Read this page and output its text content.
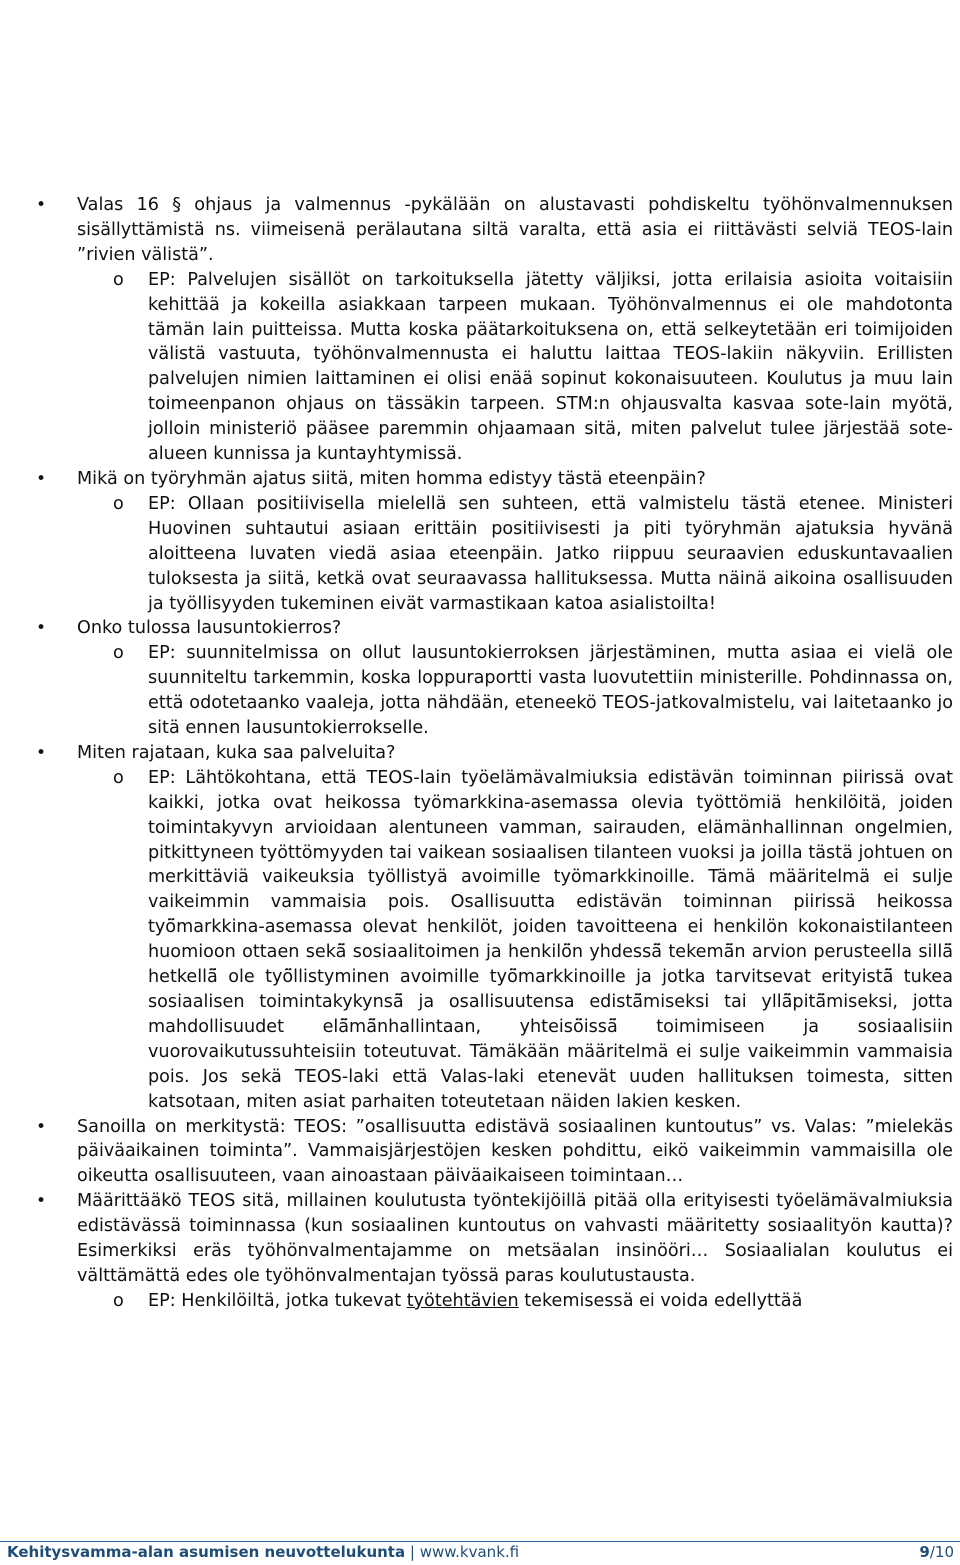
• Valas 16 § ohjaus ja valmennus -pykälään on alustavasti pohdiskeltu työhönvalmennuksen sisällyttämistä ns. viimeisenä perälautana siltä varalta, että asia ei riittävästi selviä TEOS-lain ”rivien välistä”.
o EP: Palvelujen sisällöt on tarkoituksella jätetty väljiksi, jotta erilaisia asioita voitaisiin kehittää ja kokeilla asiakkaan tarpeen mukaan. Työhönvalmennus ei ole mahdotonta tämän lain puitteissa. Mutta koska päätarkoituksena on, että selkeytetään eri toimijoiden välistä vastuuta, työhönvalmennusta ei haluttu laittaa TEOS-lakiin näkyviin. Erillisten palvelujen nimien laittaminen ei olisi enää sopinut kokonaisuuteen. Koulutus ja muu lain toimeenpanon ohjaus on tässäkin tarpeen. STM:n ohjausvalta kasvaa sote-lain myötä, jolloin ministeriö pääsee paremmin ohjaamaan sitä, miten palvelut tulee järjestää sote-alueen kunnissa ja kuntayhtymissä.
• Mikä on työryhmän ajatus siitä, miten homma edistyy tästä eteenpäin?
o EP: Ollaan positiivisella mielellä sen suhteen, että valmistelu tästä etenee. Ministeri Huovinen suhtautui asiaan erittäin positiivisesti ja piti työryhmän ajatuksia hyvänä aloitteena luvaten viedä asiaa eteenpäin. Jatko riippuu seuraavien eduskuntavaalien tuloksesta ja siitä, ketkä ovat seuraavassa hallituksessa. Mutta näinä aikoina osallisuuden ja työllisyyden tukeminen eivät varmastikaan katoa asialistoilta!
• Onko tulossa lausuntokierros?
o EP: suunnitelmissa on ollut lausuntokierroksen järjestäminen, mutta asiaa ei vielä ole suunniteltu tarkemmin, koska loppuraportti vasta luovutettiin ministerille. Pohdinnassa on, että odotetaanko vaaleja, jotta nähdään, eteneekö TEOS-jatkovalmistelu, vai laitetaanko jo sitä ennen lausuntokierrokselle.
• Miten rajataan, kuka saa palveluita?
o EP: Lähtökohtana, että TEOS-lain työelämävalmiuksia edistävän toiminnan piirissä ovat kaikki, jotka ovat heikossa työmarkkina-asemassa olevia työttömiä henkilöitä, joiden toimintakyvyn arvioidaan alentuneen vamman, sairauden, elämänhallinnan ongelmien, pitkittyneen työttömyyden tai vaikean sosiaalisen tilanteen vuoksi ja joilla tästä johtuen on merkittäviä vaikeuksia työllistyä avoimille työmarkkinoille. Tämä määritelmä ei sulje vaikeimmin vammaisia pois. Osallisuutta edistävän toiminnan piirissä heikossa työ̈markkina-asemassa olevat henkilöt, joiden tavoitteena ei henkilön kokonaistilanteen huomioon ottaen sekä̈ sosiaalitoimen ja henkilö̈n yhdessä̈ tekemä̈n arvion perusteella sillä̈ hetkellä̈ ole työ̈llistyminen avoimille työ̈markkinoille ja jotka tarvitsevat erityistä̈ tukea sosiaalisen toimintakykynsä̈ ja osallisuutensa edistä̈miseksi tai yllä̈pitä̈miseksi, jotta mahdollisuudet elä̈mä̈nhallintaan, yhteisö̈issä̈ toimimiseen ja sosiaalisiin vuorovaikutussuhteisiin toteutuvat. Tämäkään määritelmä ei sulje vaikeimmin vammaisia pois. Jos sekä TEOS-laki että Valas-laki etenevät uuden hallituksen toimesta, sitten katsotaan, miten asiat parhaiten toteutetaan näiden lakien kesken.
• Sanoilla on merkitystä: TEOS: ”osallisuutta edistävä sosiaalinen kuntoutus” vs. Valas: ”mielekäs päiväaikainen toiminta”. Vammaisjärjestöjen kesken pohdittu, eikö vaikeimmin vammaisilla ole oikeutta osallisuuteen, vaan ainoastaan päiväaikaiseen toimintaan…
• Määrittääkö TEOS sitä, millainen koulutusta työntekijöillä pitää olla erityisesti työelämävalmiuksia edistävässä toiminnassa (kun sosiaalinen kuntoutus on vahvasti määritetty sosiaalityön kautta)? Esimerkiksi eräs työhönvalmentajamme on metsäalan insinööri… Sosiaalialan koulutus ei välttämättä edes ole työhönvalmentajan työssä paras koulutustausta.
o EP: Henkilöiltä, jotka tukevat työtehtävien tekemisessä ei voida edellyttää
Kehitysvammа-alan asumisen neuvottelukunta | www.kvank.fi	9/10
